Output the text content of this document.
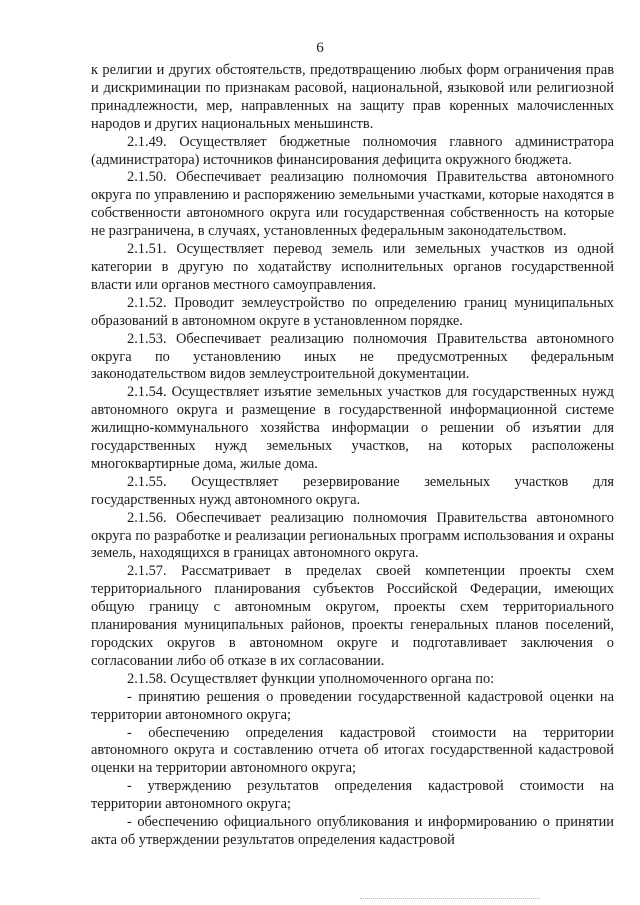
6

к религии и других обстоятельств, предотвращению любых форм ограничения прав и дискриминации по признакам расовой, национальной, языковой или религиозной принадлежности, мер, направленных на защиту прав коренных малочисленных народов и других национальных меньшинств.

2.1.49. Осуществляет бюджетные полномочия главного администратора (администратора) источников финансирования дефицита окружного бюджета.

2.1.50. Обеспечивает реализацию полномочия Правительства автономного округа по управлению и распоряжению земельными участками, которые находятся в собственности автономного округа или государственная собственность на которые не разграничена, в случаях, установленных федеральным законодательством.

2.1.51. Осуществляет перевод земель или земельных участков из одной категории в другую по ходатайству исполнительных органов государственной власти или органов местного самоуправления.

2.1.52. Проводит землеустройство по определению границ муниципальных образований в автономном округе в установленном порядке.

2.1.53. Обеспечивает реализацию полномочия Правительства автономного округа по установлению иных не предусмотренных федеральным законодательством видов землеустроительной документации.

2.1.54. Осуществляет изъятие земельных участков для государственных нужд автономного округа и размещение в государственной информационной системе жилищно-коммунального хозяйства информации о решении об изъятии для государственных нужд земельных участков, на которых расположены многоквартирные дома, жилые дома.

2.1.55. Осуществляет резервирование земельных участков для государственных нужд автономного округа.

2.1.56. Обеспечивает реализацию полномочия Правительства автономного округа по разработке и реализации региональных программ использования и охраны земель, находящихся в границах автономного округа.

2.1.57. Рассматривает в пределах своей компетенции проекты схем территориального планирования субъектов Российской Федерации, имеющих общую границу с автономным округом, проекты схем территориального планирования муниципальных районов, проекты генеральных планов поселений, городских округов в автономном округе и подготавливает заключения о согласовании либо об отказе в их согласовании.

2.1.58. Осуществляет функции уполномоченного органа по:

- принятию решения о проведении государственной кадастровой оценки на территории автономного округа;

- обеспечению определения кадастровой стоимости на территории автономного округа и составлению отчета об итогах государственной кадастровой оценки на территории автономного округа;

- утверждению результатов определения кадастровой стоимости на территории автономного округа;

- обеспечению официального опубликования и информированию о принятии акта об утверждении результатов определения кадастровой
